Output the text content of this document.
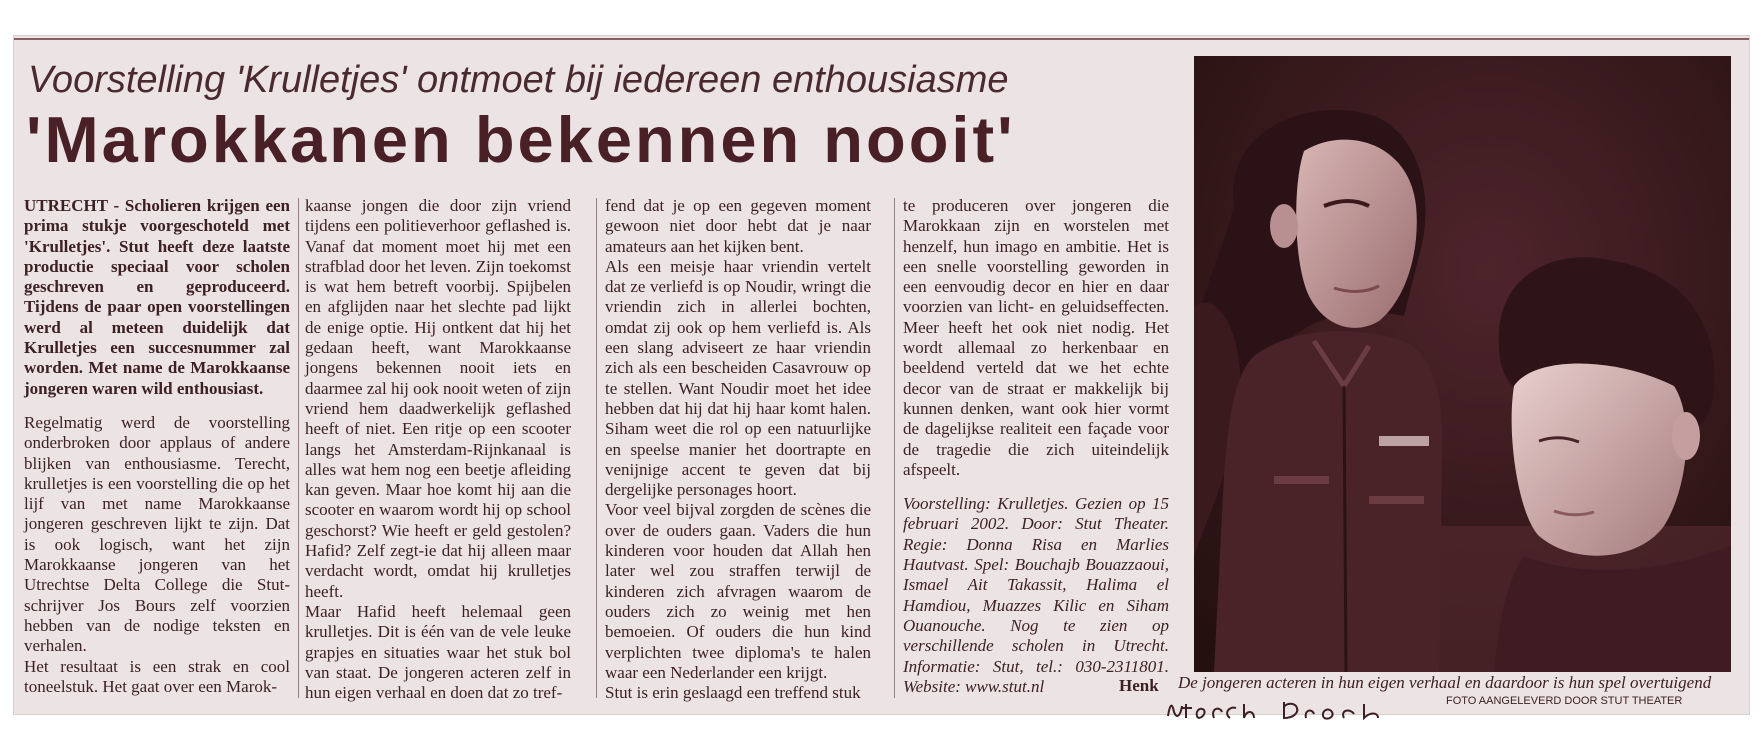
Voorstelling 'Krulletjes' ontmoet bij iedereen enthousiasme
'Marokkanen bekennen nooit'

UTRECHT - Scholieren krijgen een prima stukje voorgeschoteld met 'Krulletjes'. Stut heeft deze laatste productie speciaal voor scholen geschreven en geproduceerd. Tijdens de paar open voorstellingen werd al meteen duidelijk dat Krulletjes een succesnummer zal worden. Met name de Marokkaanse jongeren waren wild enthousiast.

Regelmatig werd de voorstelling onderbroken door applaus of andere blijken van enthousiasme. Terecht, krulletjes is een voorstelling die op het lijf van met name Marokkaanse jongeren geschreven lijkt te zijn. Dat is ook logisch, want het zijn Marokkaanse jongeren van het Utrechtse Delta College die Stut-schrijver Jos Bours zelf voorzien hebben van de nodige teksten en verhalen.

Het resultaat is een strak en cool toneelstuk. Het gaat over een Marok-

kaanse jongen die door zijn vriend tijdens een politieverhoor geflashed is. Vanaf dat moment moet hij met een strafblad door het leven. Zijn toekomst is wat hem betreft voorbij. Spijbelen en afglijden naar het slechte pad lijkt de enige optie. Hij ontkent dat hij het gedaan heeft, want Marokkaanse jongens bekennen nooit iets en daarmee zal hij ook nooit weten of zijn vriend hem daadwerkelijk geflashed heeft of niet. Een ritje op een scooter langs het Amsterdam-Rijnkanaal is alles wat hem nog een beetje afleiding kan geven. Maar hoe komt hij aan die scooter en waarom wordt hij op school geschorst? Wie heeft er geld gestolen? Hafid? Zelf zegt-ie dat hij alleen maar verdacht wordt, omdat hij krulletjes heeft.

Maar Hafid heeft helemaal geen krulletjes. Dit is één van de vele leuke grapjes en situaties waar het stuk bol van staat. De jongeren acteren zelf in hun eigen verhaal en doen dat zo tref-

fend dat je op een gegeven moment gewoon niet door hebt dat je naar amateurs aan het kijken bent.

Als een meisje haar vriendin vertelt dat ze verliefd is op Noudir, wringt die vriendin zich in allerlei bochten, omdat zij ook op hem verliefd is. Als een slang adviseert ze haar vriendin zich als een bescheiden Casavrouw op te stellen. Want Noudir moet het idee hebben dat hij dat hij haar komt halen. Siham weet die rol op een natuurlijke en speelse manier het doortrapte en venijnige accent te geven dat bij dergelijke personages hoort.

Voor veel bijval zorgden de scènes die over de ouders gaan. Vaders die hun kinderen voor houden dat Allah hen later wel zou straffen terwijl de kinderen zich afvragen waarom de ouders zich zo weinig met hen bemoeien. Of ouders die hun kind verplichten twee diploma's te halen waar een Nederlander een krijgt.

Stut is erin geslaagd een treffend stuk

te produceren over jongeren die Marokkaan zijn en worstelen met henzelf, hun imago en ambitie. Het is een snelle voorstelling geworden in een eenvoudig decor en hier en daar voorzien van licht- en geluidseffecten. Meer heeft het ook niet nodig. Het wordt allemaal zo herkenbaar en beeldend verteld dat we het echte decor van de straat er makkelijk bij kunnen denken, want ook hier vormt de dagelijkse realiteit een façade voor de tragedie die zich uiteindelijk afspeelt.

Voorstelling: Krulletjes. Gezien op 15 februari 2002. Door: Stut Theater. Regie: Donna Risa en Marlies Hautvast. Spel: Bouchajb Bouazzaoui, Ismael Ait Takassit, Halima el Hamdiou, Muazzes Kilic en Siham Ouanouche. Nog te zien op verschillende scholen in Utrecht. Informatie: Stut, tel.: 030-2311801. Website: www.stut.nl	Henk De jongeren acteren in hun eigen verhaal en daardoor is hun spel overtuigend
FOTO AANGELEVERD DOOR STUT THEATER
